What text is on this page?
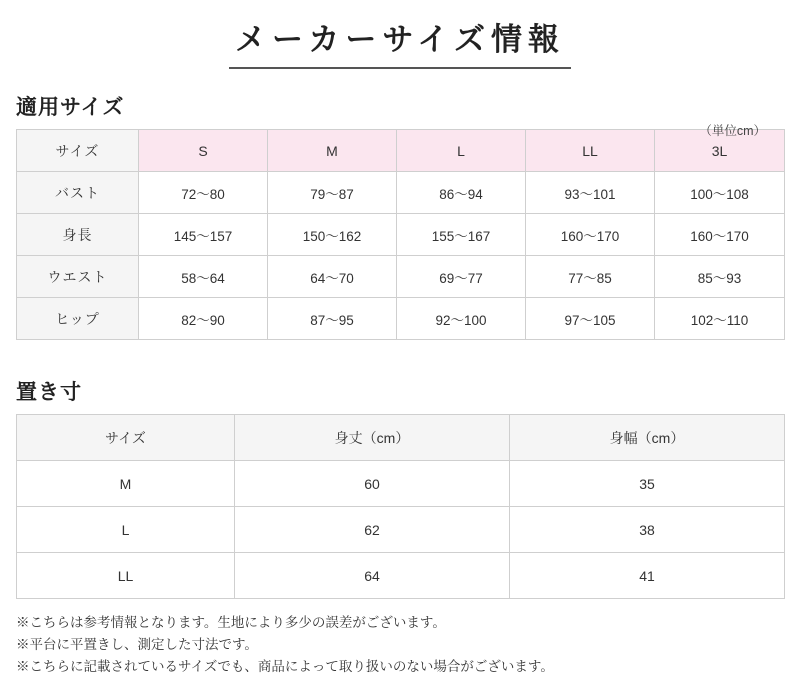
メーカーサイズ情報
適用サイズ
（単位cm）
サイズ	S	M	L	LL	3L
バスト	72〜80	79〜87	86〜94	93〜101	100〜108
身長	145〜157	150〜162	155〜167	160〜170	160〜170
ウエスト	58〜64	64〜70	69〜77	77〜85	85〜93
ヒップ	82〜90	87〜95	92〜100	97〜105	102〜110
置き寸
サイズ	身丈（cm）	身幅（cm）
M	60	35
L	62	38
LL	64	41
※こちらは参考情報となります。生地により多少の誤差がございます。
※平台に平置きし、測定した寸法です。
※こちらに記載されているサイズでも、商品によって取り扱いのない場合がございます。
